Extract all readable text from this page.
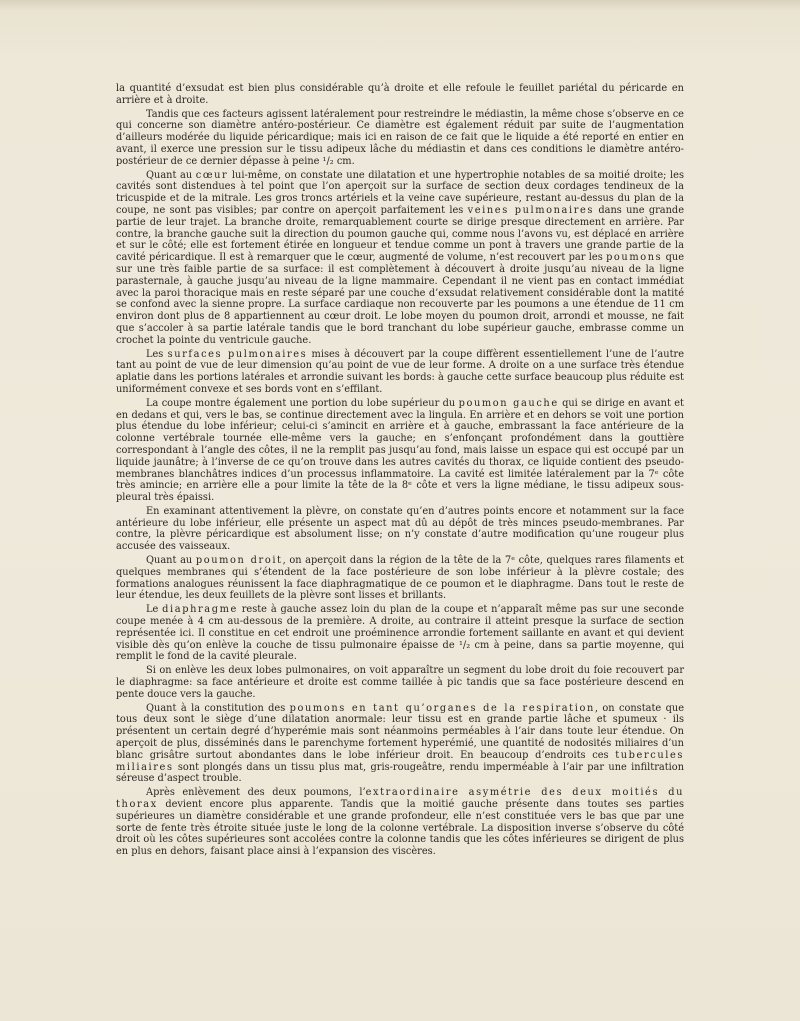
la quantité d’exsudat est bien plus considérable qu’à droite et elle refoule le feuillet pariétal du péricarde en arrière et à droite.

Tandis que ces facteurs agissent latéralement pour restreindre le médiastin, la même chose s’observe en ce qui concerne son diamètre antéro-postérieur. Ce diamètre est également réduit par suite de l’augmentation d’ailleurs modérée du liquide péricardique; mais ici en raison de ce fait que le liquide a été reporté en entier en avant, il exerce une pression sur le tissu adipeux lâche du médiastin et dans ces conditions le diamètre antéro-postérieur de ce dernier dépasse à peine ¹/₂ cm.

Quant au cœur lui-même, on constate une dilatation et une hypertrophie notables de sa moitié droite; les cavités sont distendues à tel point que l’on aperçoit sur la surface de section deux cordages tendineux de la tricuspide et de la mitrale. Les gros troncs artériels et la veine cave supérieure, restant au-dessus du plan de la coupe, ne sont pas visibles; par contre on aperçoit parfaitement les veines pulmonaires dans une grande partie de leur trajet. La branche droite, remarquablement courte se dirige presque directement en arrière. Par contre, la branche gauche suit la direction du poumon gauche qui, comme nous l’avons vu, est déplacé en arrière et sur le côté; elle est fortement étirée en longueur et tendue comme un pont à travers une grande partie de la cavité péricardique. Il est à remarquer que le cœur, augmenté de volume, n’est recouvert par les poumons que sur une très faible partie de sa surface: il est complètement à découvert à droite jusqu’au niveau de la ligne parasternale, à gauche jusqu’au niveau de la ligne mammaire. Cependant il ne vient pas en contact immédiat avec la paroi thoracique mais en reste séparé par une couche d’exsudat relativement considérable dont la matité se confond avec la sienne propre. La surface cardiaque non recouverte par les poumons a une étendue de 11 cm environ dont plus de 8 appartiennent au cœur droit. Le lobe moyen du poumon droit, arrondi et mousse, ne fait que s’accoler à sa partie latérale tandis que le bord tranchant du lobe supérieur gauche, embrasse comme un crochet la pointe du ventricule gauche.

Les surfaces pulmonaires mises à découvert par la coupe diffèrent essentiellement l’une de l’autre tant au point de vue de leur dimension qu’au point de vue de leur forme. A droite on a une surface très étendue aplatie dans les portions latérales et arrondie suivant les bords: à gauche cette surface beaucoup plus réduite est uniformément convexe et ses bords vont en s’effilant.

La coupe montre également une portion du lobe supérieur du poumon gauche qui se dirige en avant et en dedans et qui, vers le bas, se continue directement avec la lingula. En arrière et en dehors se voit une portion plus étendue du lobe inférieur; celui-ci s’amincit en arrière et à gauche, embrassant la face antérieure de la colonne vertébrale tournée elle-même vers la gauche; en s’enfonçant profondément dans la gouttière correspondant à l’angle des côtes, il ne la remplit pas jusqu’au fond, mais laisse un espace qui est occupé par un liquide jaunâtre; à l’inverse de ce qu’on trouve dans les autres cavités du thorax, ce liquide contient des pseudo-membranes blanchâtres indices d’un processus inflammatoire. La cavité est limitée latéralement par la 7ᵉ côte très amincie; en arrière elle a pour limite la tête de la 8ᵉ côte et vers la ligne médiane, le tissu adipeux sous-pleural très épaissi.

En examinant attentivement la plèvre, on constate qu’en d’autres points encore et notamment sur la face antérieure du lobe inférieur, elle présente un aspect mat dû au dépôt de très minces pseudo-membranes. Par contre, la plèvre péricardique est absolument lisse; on n’y constate d’autre modification qu’une rougeur plus accusée des vaisseaux.

Quant au poumon droit, on aperçoit dans la région de la tête de la 7ᵉ côte, quelques rares filaments et quelques membranes qui s’étendent de la face postérieure de son lobe inférieur à la plèvre costale; des formations analogues réunissent la face diaphragmatique de ce poumon et le diaphragme. Dans tout le reste de leur étendue, les deux feuillets de la plèvre sont lisses et brillants.

Le diaphragme reste à gauche assez loin du plan de la coupe et n’apparaît même pas sur une seconde coupe menée à 4 cm au-dessous de la première. A droite, au contraire il atteint presque la surface de section représentée ici. Il constitue en cet endroit une proéminence arrondie fortement saillante en avant et qui devient visible dès qu’on enlève la couche de tissu pulmonaire épaisse de ¹/₂ cm à peine, dans sa partie moyenne, qui remplit le fond de la cavité pleurale.

Si on enlève les deux lobes pulmonaires, on voit apparaître un segment du lobe droit du foie recouvert par le diaphragme: sa face antérieure et droite est comme taillée à pic tandis que sa face postérieure descend en pente douce vers la gauche.

Quant à la constitution des poumons en tant qu’organes de la respiration, on constate que tous deux sont le siège d’une dilatation anormale: leur tissu est en grande partie lâche et spumeux · ils présentent un certain degré d’hyperémie mais sont néanmoins perméables à l’air dans toute leur étendue. On aperçoit de plus, disséminés dans le parenchyme fortement hyperémié, une quantité de nodosités miliaires d’un blanc grisâtre surtout abondantes dans le lobe inférieur droit. En beaucoup d’endroits ces tubercules miliaires sont plongés dans un tissu plus mat, gris-rougeâtre, rendu imperméable à l’air par une infiltration séreuse d’aspect trouble.

Après enlèvement des deux poumons, l’extraordinaire asymétrie des deux moitiés du thorax devient encore plus apparente. Tandis que la moitié gauche présente dans toutes ses parties supérieures un diamètre considérable et une grande profondeur, elle n’est constituée vers le bas que par une sorte de fente très étroite située juste le long de la colonne vertébrale. La disposition inverse s’observe du côté droit où les côtes supérieures sont accolées contre la colonne tandis que les côtes inférieures se dirigent de plus en plus en dehors, faisant place ainsi à l’expansion des viscères.
